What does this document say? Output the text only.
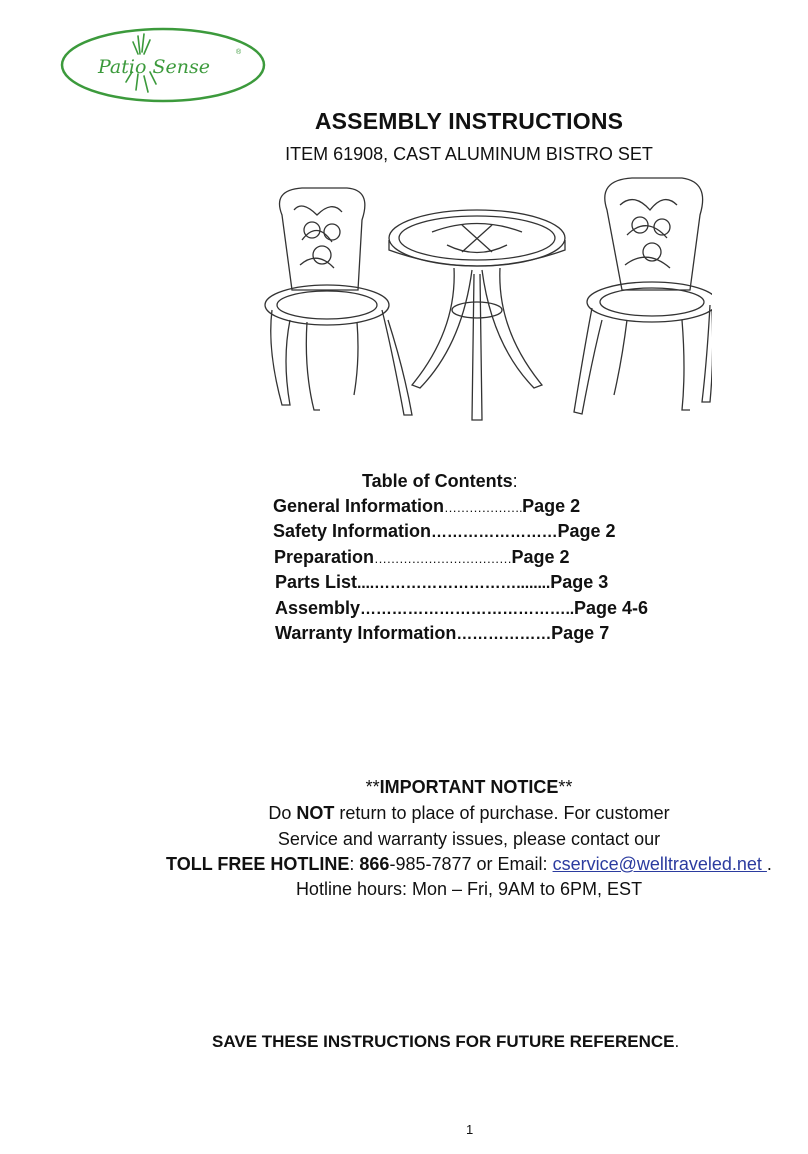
Patio Sense
®
ASSEMBLY INSTRUCTIONS
ITEM 61908, CAST ALUMINUM BISTRO SET
Table of Contents:
General Information……………….Page 2
Safety Information……………………Page 2
Preparation……………………………Page 2
Parts List....………………………........Page 3
Assembly…………………………………..Page 4-6
Warranty Information………………Page 7
**IMPORTANT NOTICE**
Do NOT return to place of purchase. For customer
Service and warranty issues, please contact our
TOLL FREE HOTLINE: 866-985-7877 or Email: cservice@welltraveled.net .
Hotline hours: Mon – Fri, 9AM to 6PM, EST
SAVE THESE INSTRUCTIONS FOR FUTURE REFERENCE.
1
